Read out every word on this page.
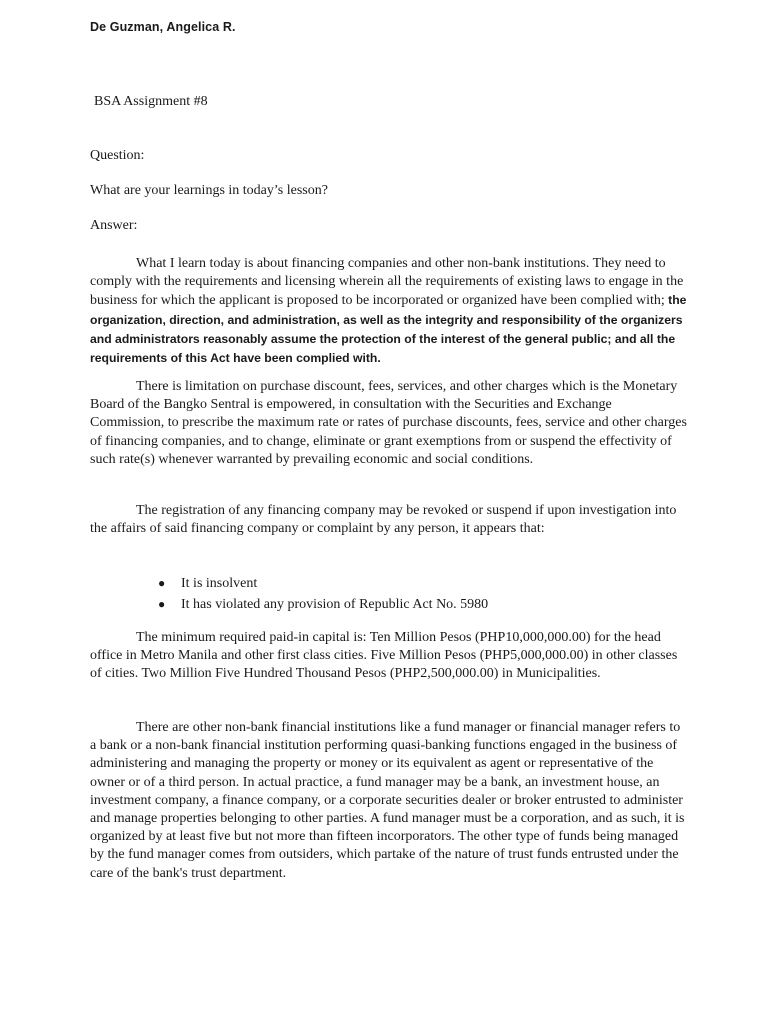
De Guzman, Angelica R.
BSA Assignment #8
Question:
What are your learnings in today’s lesson?
Answer:
What I learn today is about financing companies and other non-bank institutions. They need to comply with the requirements and licensing wherein all the requirements of existing laws to engage in the business for which the applicant is proposed to be incorporated or organized have been complied with; the organization, direction, and administration, as well as the integrity and responsibility of the organizers and administrators reasonably assume the protection of the interest of the general public; and all the requirements of this Act have been complied with.
There is limitation on purchase discount, fees, services, and other charges which is the Monetary Board of the Bangko Sentral is empowered, in consultation with the Securities and Exchange Commission, to prescribe the maximum rate or rates of purchase discounts, fees, service and other charges of financing companies, and to change, eliminate or grant exemptions from or suspend the effectivity of such rate(s) whenever warranted by prevailing economic and social conditions.
The registration of any financing company may be revoked or suspend if upon investigation into the affairs of said financing company or complaint by any person, it appears that:
●	It is insolvent
●	It has violated any provision of Republic Act No. 5980
The minimum required paid-in capital is: Ten Million Pesos (PHP10,000,000.00) for the head office in Metro Manila and other first class cities. Five Million Pesos (PHP5,000,000.00) in other classes of cities. Two Million Five Hundred Thousand Pesos (PHP2,500,000.00) in Municipalities.
There are other non-bank financial institutions like a fund manager or financial manager refers to a bank or a non-bank financial institution performing quasi-banking functions engaged in the business of administering and managing the property or money or its equivalent as agent or representative of the owner or of a third person. In actual practice, a fund manager may be a bank, an investment house, an investment company, a finance company, or a corporate securities dealer or broker entrusted to administer and manage properties belonging to other parties. A fund manager must be a corporation, and as such, it is organized by at least five but not more than fifteen incorporators. The other type of funds being managed by the fund manager comes from outsiders, which partake of the nature of trust funds entrusted under the care of the bank's trust department.
